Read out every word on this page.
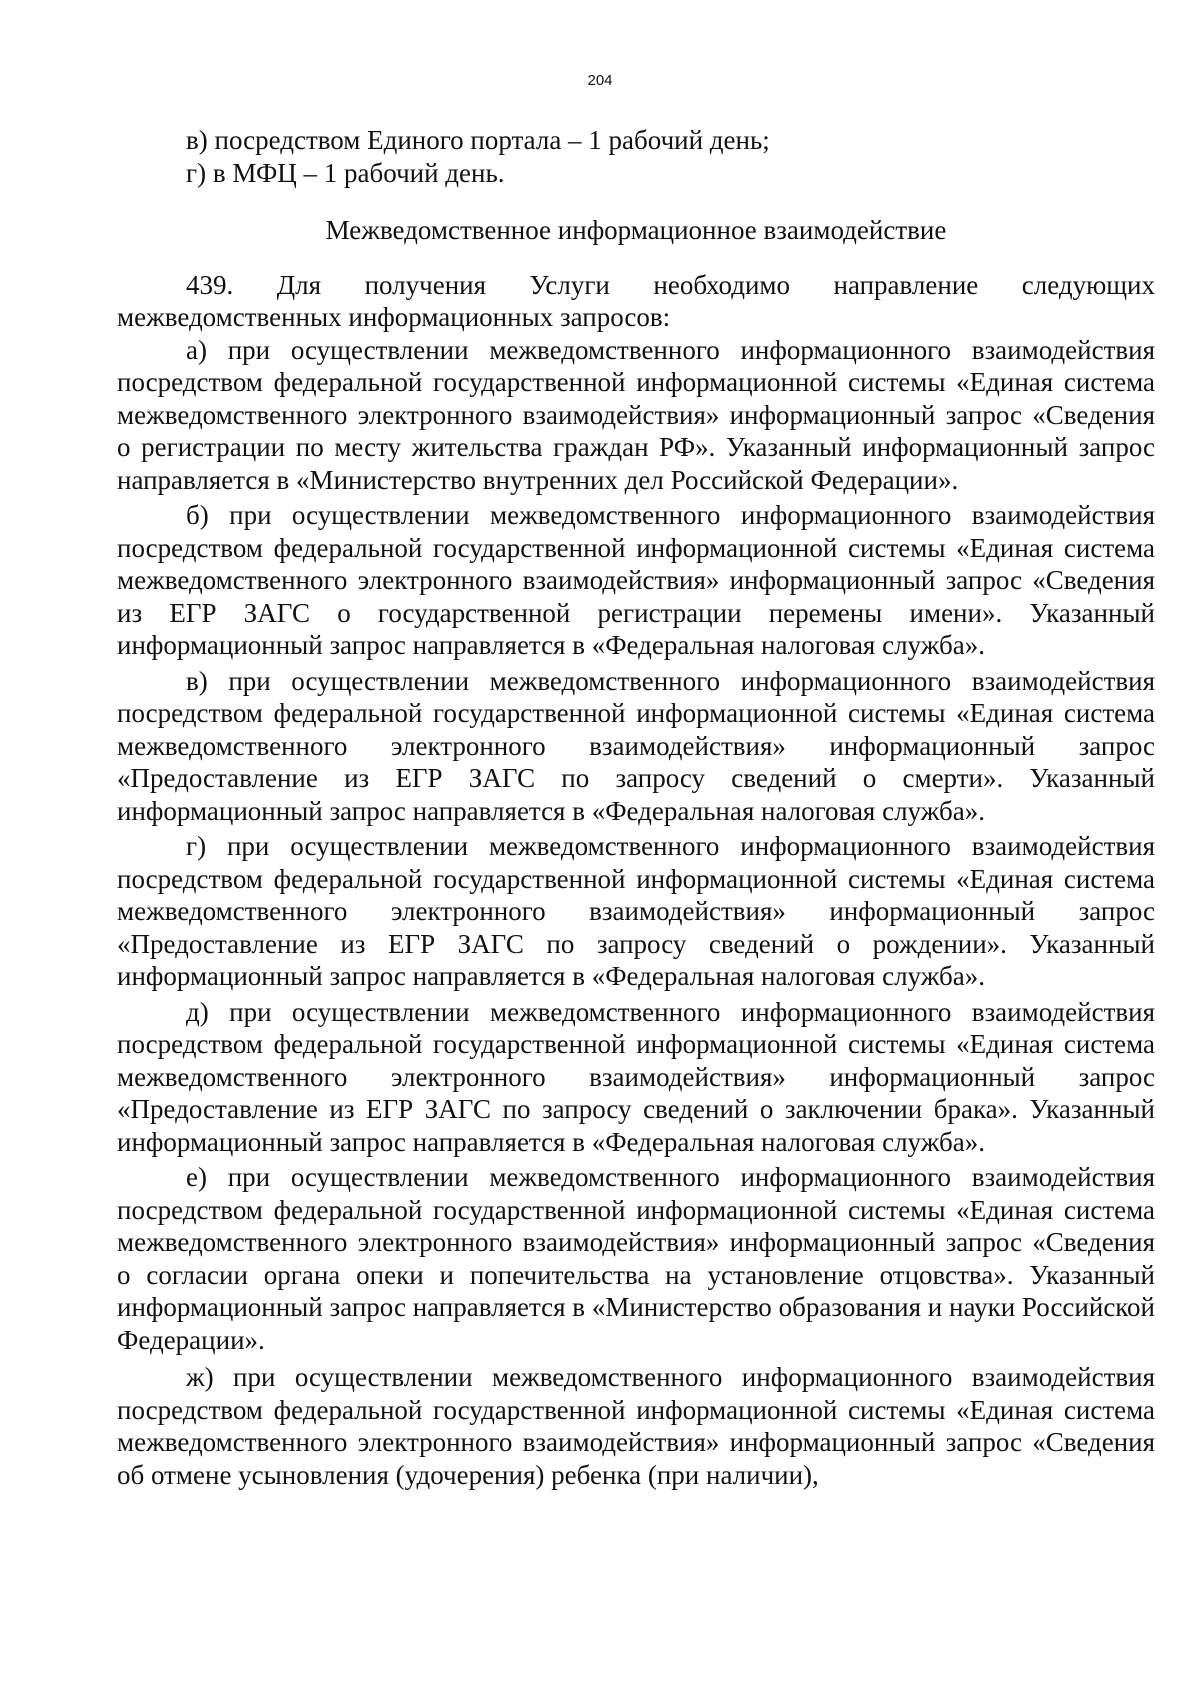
204

в) посредством Единого портала – 1 рабочий день;

г) в МФЦ – 1 рабочий день.

Межведомственное информационное взаимодействие

439. Для получения Услуги необходимо направление следующих межведомственных информационных запросов:

а) при осуществлении межведомственного информационного взаимодействия посредством федеральной государственной информационной системы «Единая система межведомственного электронного взаимодействия» информационный запрос «Сведения о регистрации по месту жительства граждан РФ». Указанный информационный запрос направляется в «Министерство внутренних дел Российской Федерации».

б) при осуществлении межведомственного информационного взаимодействия посредством федеральной государственной информационной системы «Единая система межведомственного электронного взаимодействия» информационный запрос «Сведения из ЕГР ЗАГС о государственной регистрации перемены имени». Указанный информационный запрос направляется в «Федеральная налоговая служба».

в) при осуществлении межведомственного информационного взаимодействия посредством федеральной государственной информационной системы «Единая система межведомственного электронного взаимодействия» информационный запрос «Предоставление из ЕГР ЗАГС по запросу сведений о смерти». Указанный информационный запрос направляется в «Федеральная налоговая служба».

г) при осуществлении межведомственного информационного взаимодействия посредством федеральной государственной информационной системы «Единая система межведомственного электронного взаимодействия» информационный запрос «Предоставление из ЕГР ЗАГС по запросу сведений о рождении». Указанный информационный запрос направляется в «Федеральная налоговая служба».

д) при осуществлении межведомственного информационного взаимодействия посредством федеральной государственной информационной системы «Единая система межведомственного электронного взаимодействия» информационный запрос «Предоставление из ЕГР ЗАГС по запросу сведений о заключении брака». Указанный информационный запрос направляется в «Федеральная налоговая служба».

е) при осуществлении межведомственного информационного взаимодействия посредством федеральной государственной информационной системы «Единая система межведомственного электронного взаимодействия» информационный запрос «Сведения о согласии органа опеки и попечительства на установление отцовства». Указанный информационный запрос направляется в «Министерство образования и науки Российской Федерации».

ж) при осуществлении межведомственного информационного взаимодействия посредством федеральной государственной информационной системы «Единая система межведомственного электронного взаимодействия» информационный запрос «Сведения об отмене усыновления (удочерения) ребенка (при наличии),
